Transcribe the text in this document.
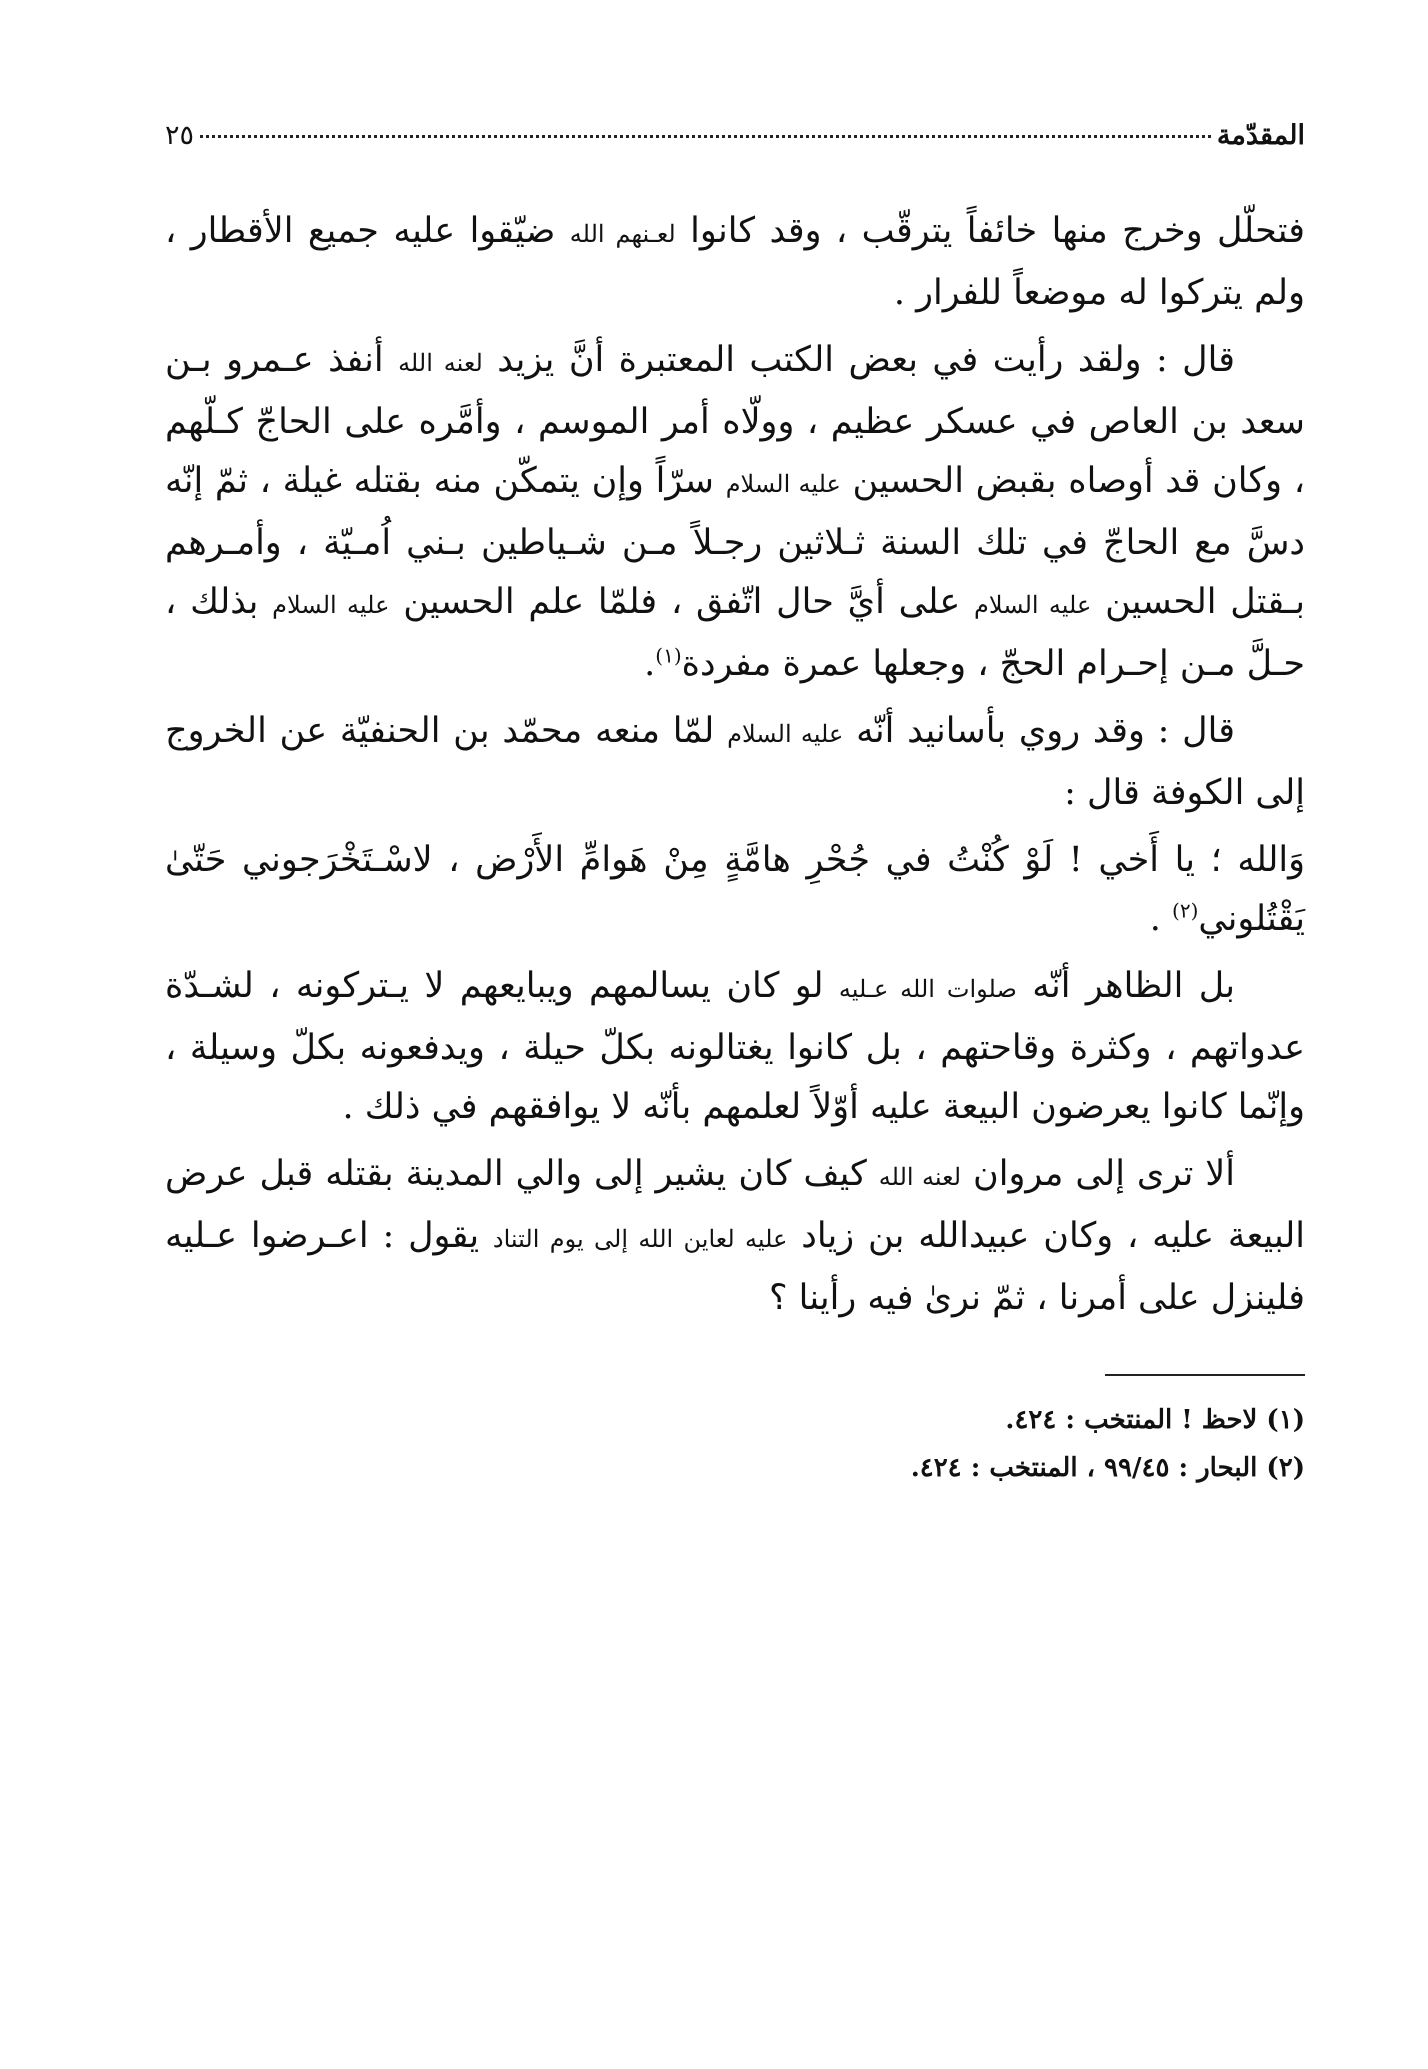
المقدّمة
٢٥

فتحلّل وخرج منها خائفاً يترقّب ، وقد كانوا لعـنهم الله ضيّقوا عليه جميع الأقطار ، ولم يتركوا له موضعاً للفرار .

قال : ولقد رأيت في بعض الكتب المعتبرة أنَّ يزيد لعنه الله أنفذ عـمرو بـن سعد بن العاص في عسكر عظيم ، وولّاه أمر الموسم ، وأمَّره على الحاجّ كـلّهم ، وكان قد أوصاه بقبض الحسين عليه السلام سرّاً وإن يتمكّن منه بقتله غيلة ، ثمّ إنّه دسَّ مع الحاجّ في تلك السنة ثـلاثين رجـلاً مـن شـياطين بـني اُمـيّة ، وأمـرهم بـقتل الحسين عليه السلام على أيَّ حال اتّفق ، فلمّا علم الحسين عليه السلام بذلك ، حـلَّ مـن إحـرام الحجّ ، وجعلها عمرة مفردة$^{(١)}$.

قال : وقد روي بأسانيد أنّه عليه السلام لمّا منعه محمّد بن الحنفيّة عن الخروج إلى الكوفة قال :

وَالله ؛ يا أَخي ! لَوْ كُنْتُ في جُحْرِ هامَّةٍ مِنْ هَوامِّ الأَرْض ، لاسْـتَخْرَجوني حَتّىٰ يَقْتُلوني$^{(٢)}$ .

بل الظاهر أنّه صلوات الله عـليه لو كان يسالمهم ويبايعهم لا يـتركونه ، لشـدّة عدواتهم ، وكثرة وقاحتهم ، بل كانوا يغتالونه بكلّ حيلة ، ويدفعونه بكلّ وسيلة ، وإنّما كانوا يعرضون البيعة عليه أوّلاً لعلمهم بأنّه لا يوافقهم في ذلك .

ألا ترى إلى مروان لعنه الله كيف كان يشير إلى والي المدينة بقتله قبل عرض البيعة عليه ، وكان عبيدالله بن زياد عليه لعاين الله إلى يوم التناد يقول : اعـرضوا عـليه فلينزل على أمرنا ، ثمّ نرىٰ فيه رأينا ؟

(١) لاحظ ! المنتخب : ٤٢٤.

(٢) البحار : ٩٩/٤٥ ، المنتخب : ٤٢٤.
